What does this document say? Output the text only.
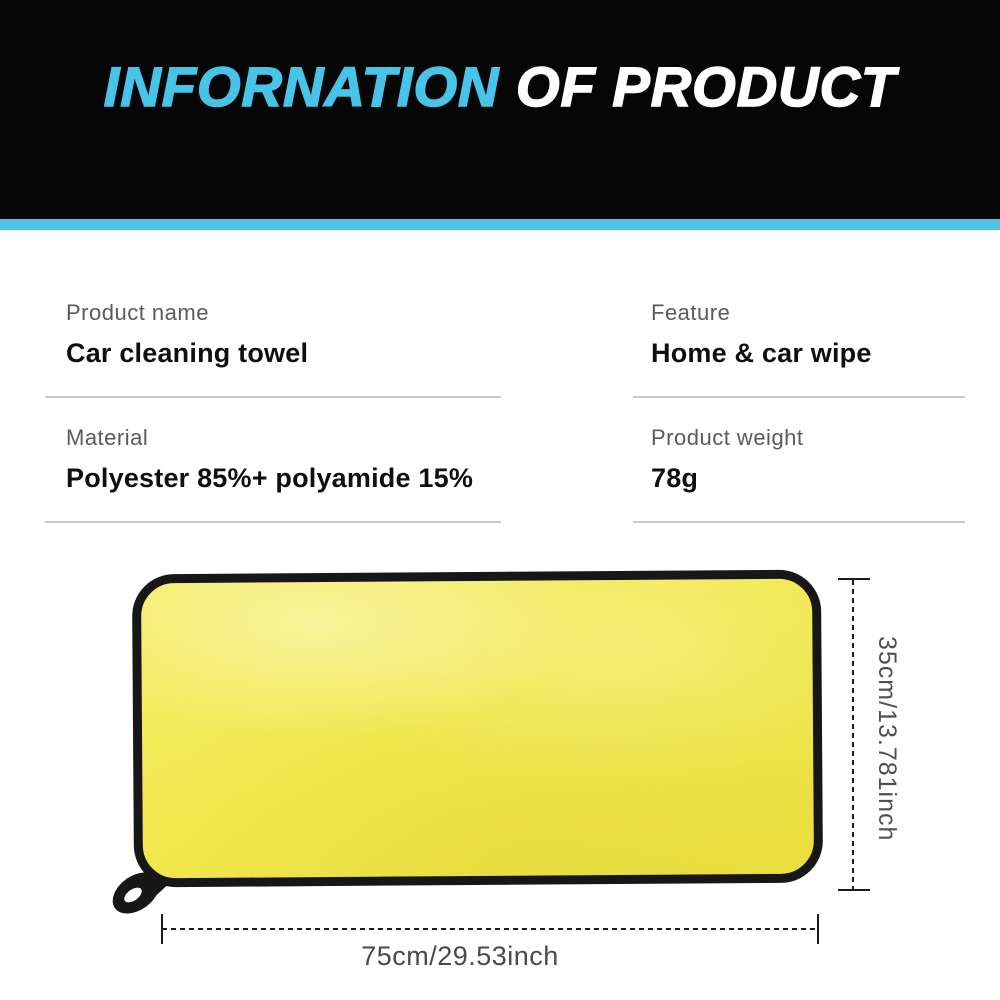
INFORNATION OF PRODUCT
Product name
Car cleaning towel
Feature
Home & car wipe
Material
Polyester 85%+ polyamide 15%
Product weight
78g
35cm/13.781inch
75cm/29.53inch
